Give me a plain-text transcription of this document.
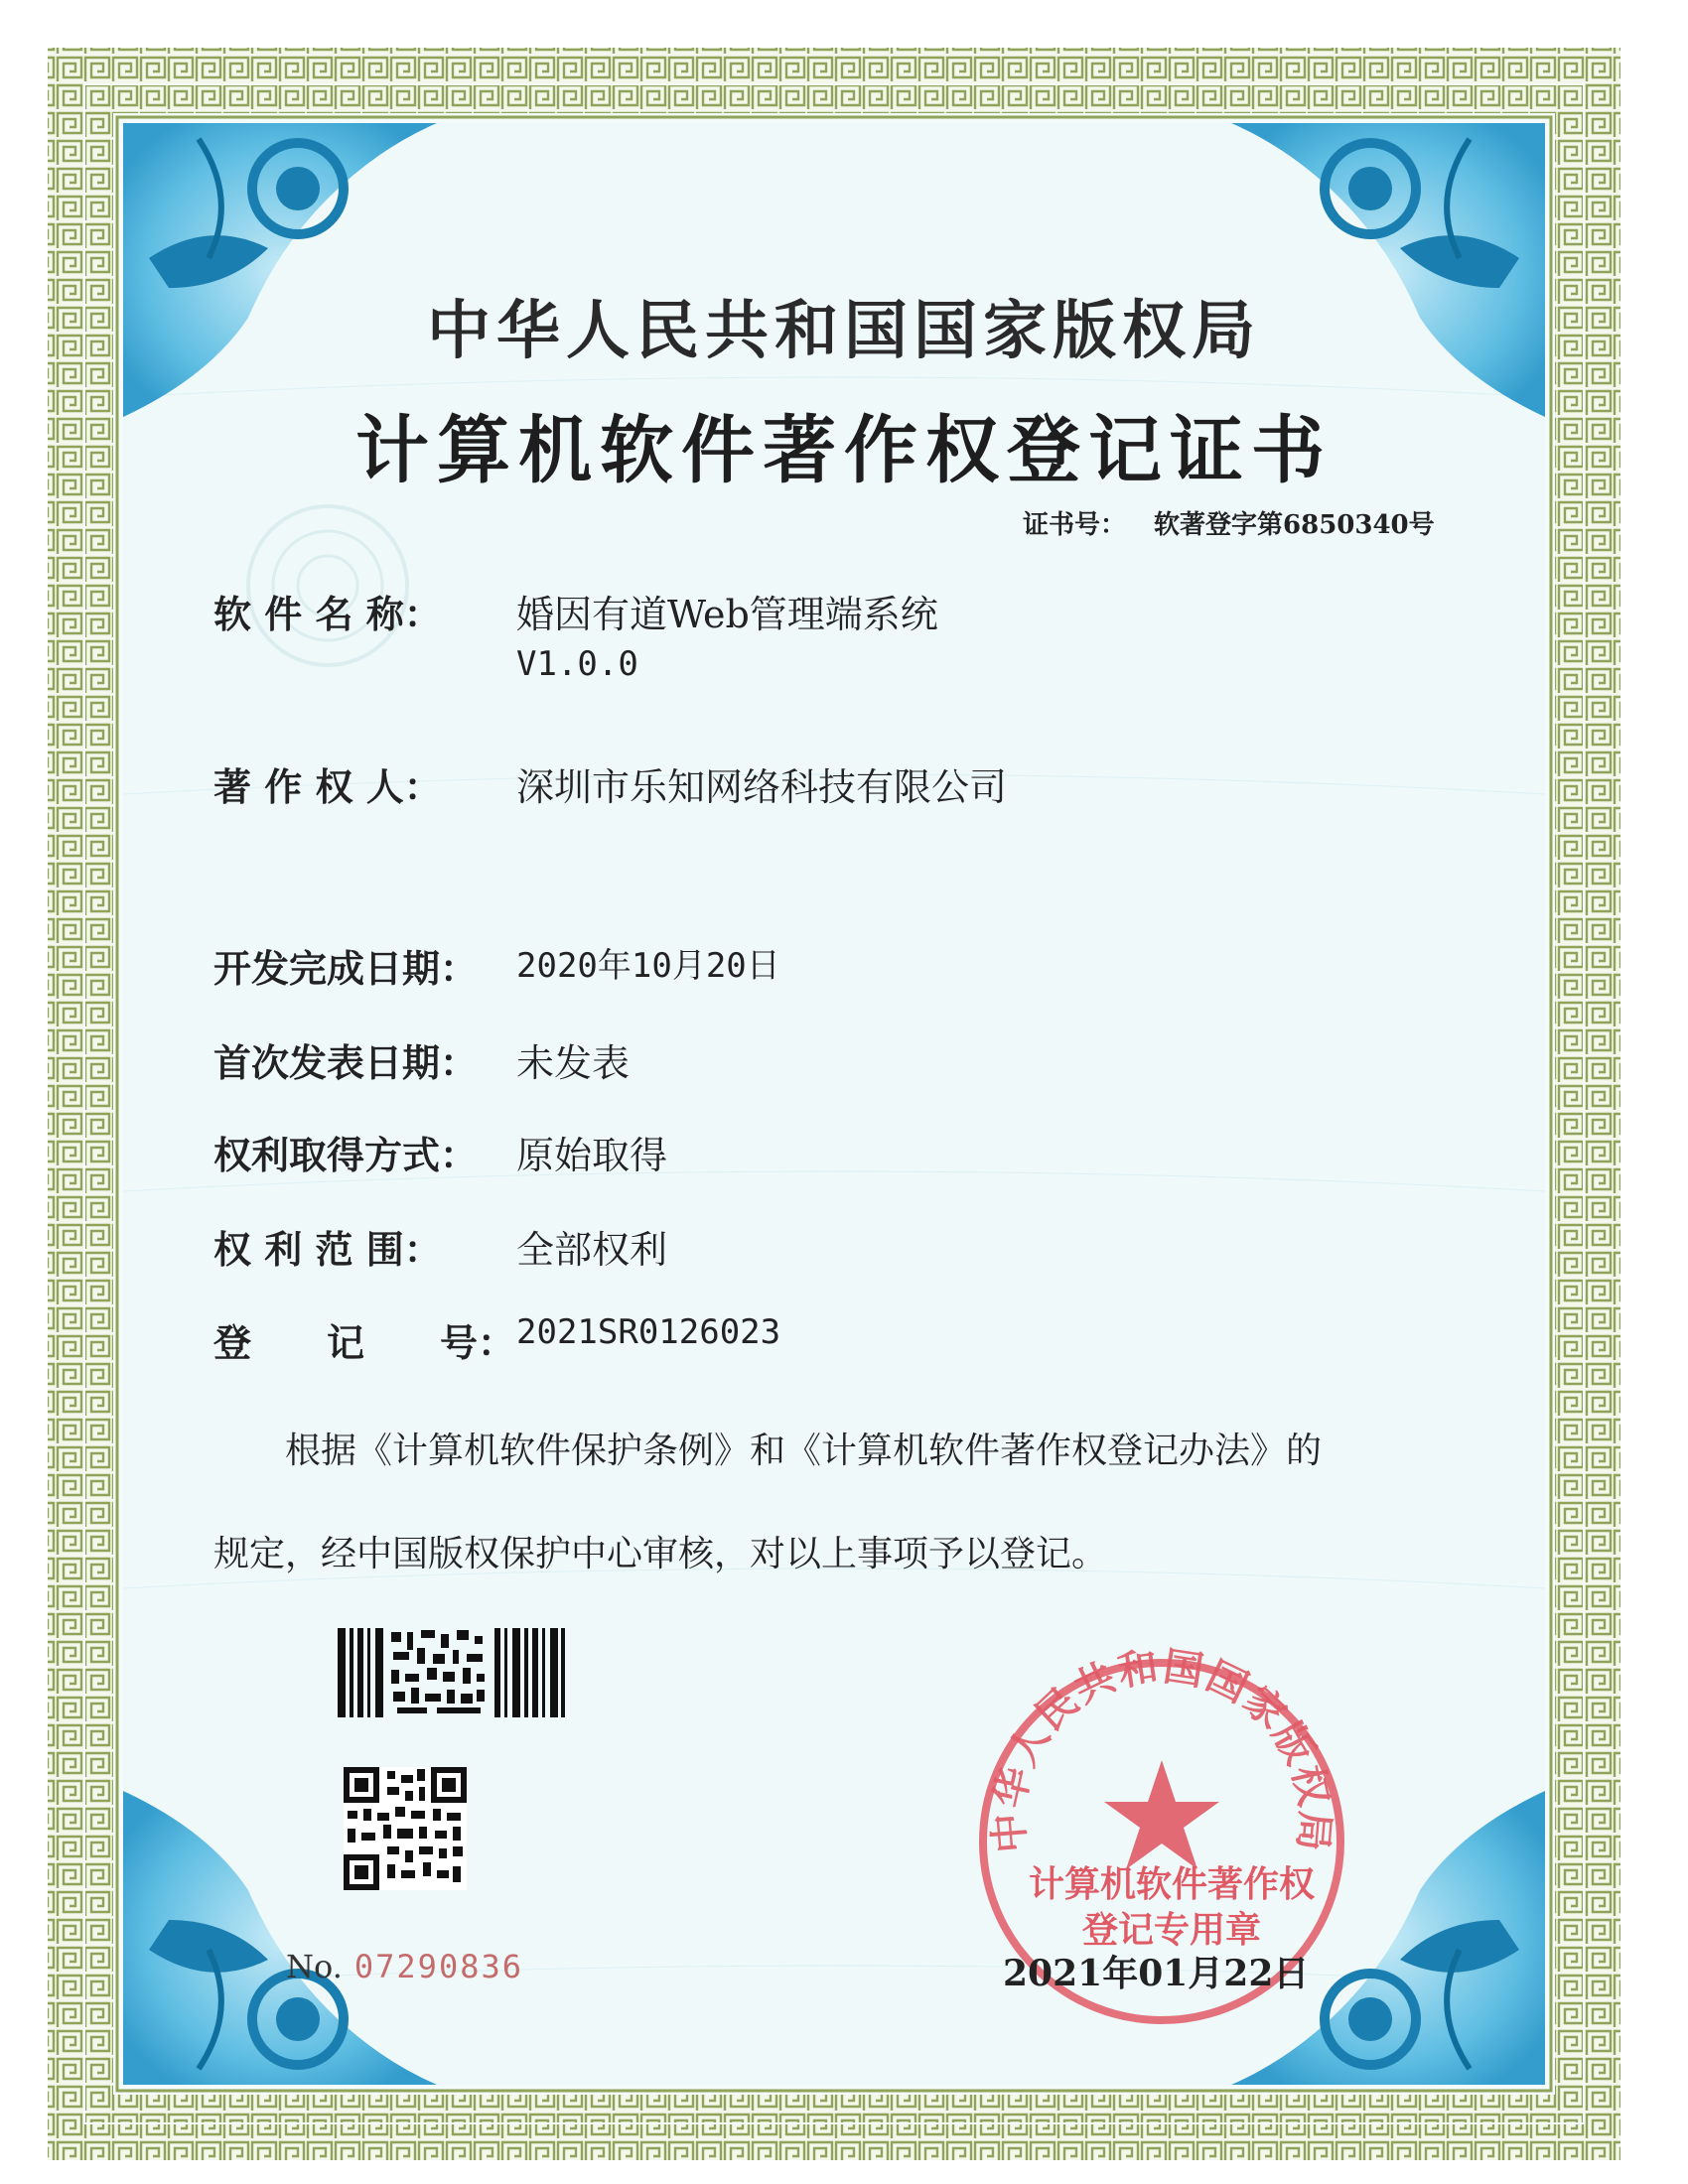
中华人民共和国国家版权局
计算机软件著作权登记证书
证书号： 软著登字第6850340号
软 件 名 称：	婚因有道Web管理端系统
V1.0.0
著 作 权 人：	深圳市乐知网络科技有限公司
开发完成日期：	2020年10月20日
首次发表日期：	未发表
权利取得方式：	原始取得
权 利 范 围：	全部权利
登　　记　　号： 2021SR0126023
根据《计算机软件保护条例》和《计算机软件著作权登记办法》的
规定，经中国版权保护中心审核，对以上事项予以登记。
中华人民共和国国家版权局
计算机软件著作权
登记专用章
No. 07290836	2021年01月22日
